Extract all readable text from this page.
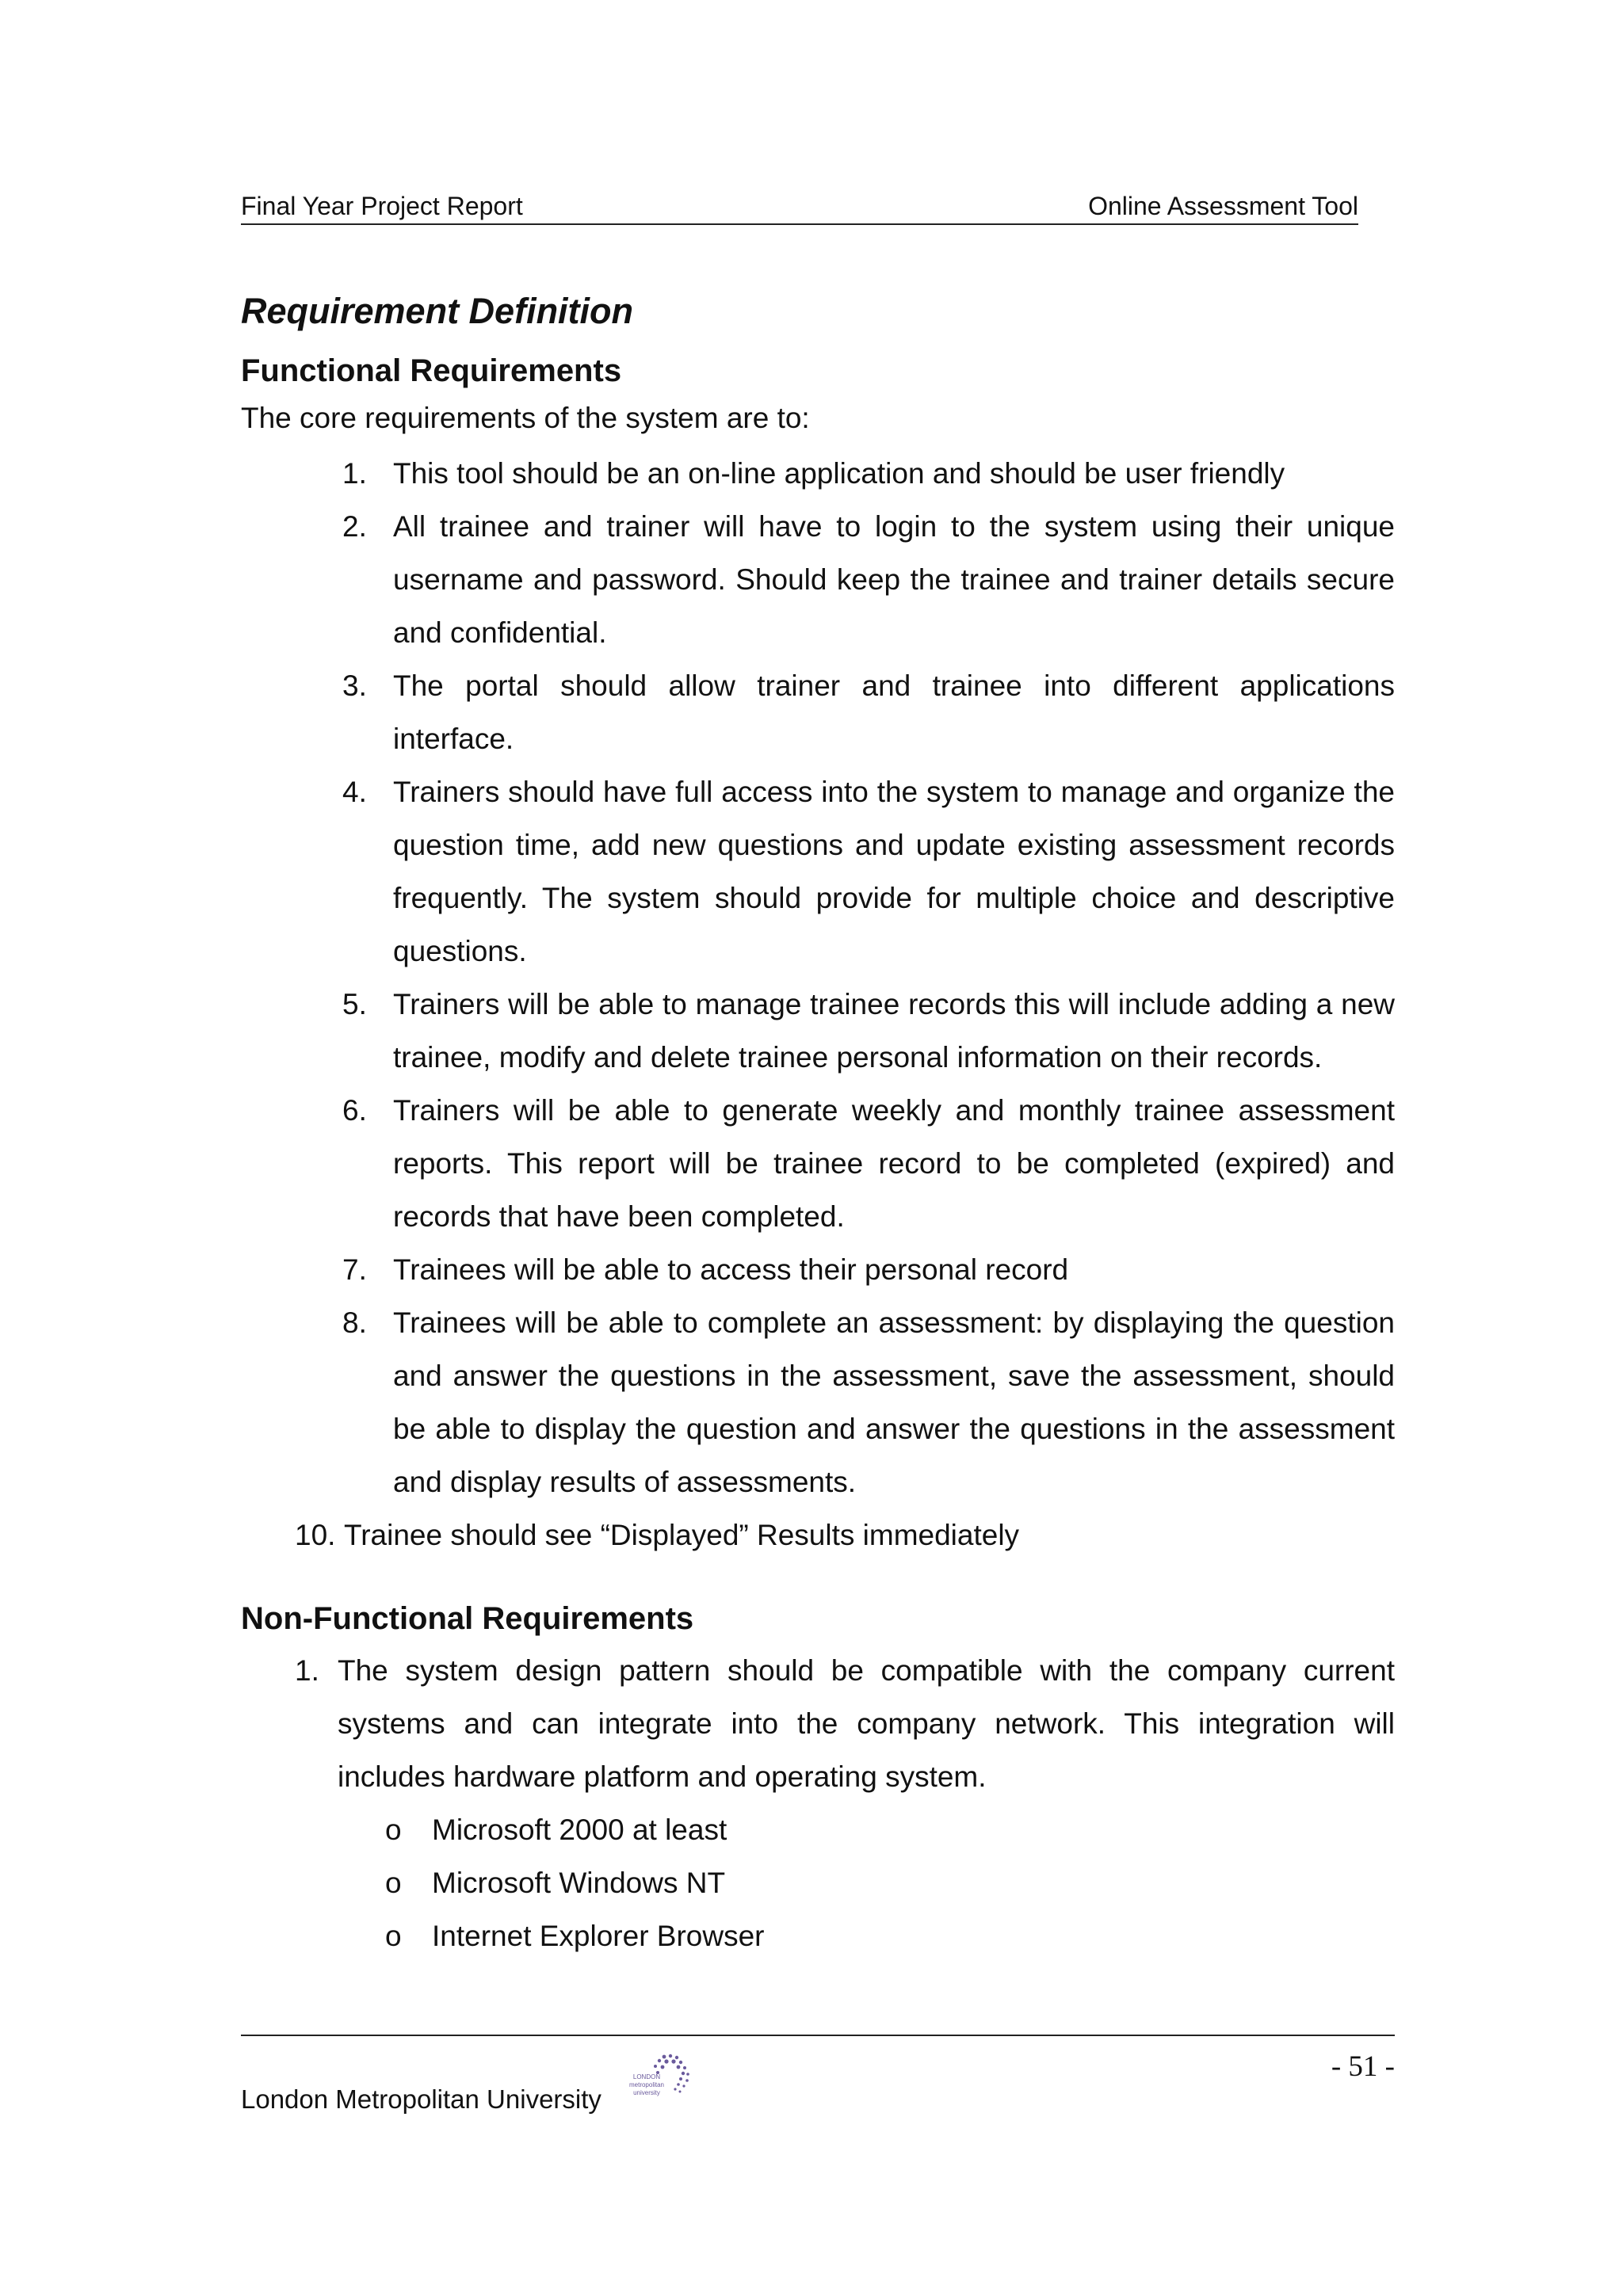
Final Year Project Report	Online Assessment Tool
Requirement Definition
Functional Requirements

The core requirements of the system are to:

1. This tool should be an on-line application and should be user friendly
2. All trainee and trainer will have to login to the system using their unique username and password. Should keep the trainee and trainer details secure and confidential.
3. The portal should allow trainer and trainee into different applications interface.
4. Trainers should have full access into the system to manage and organize the question time, add new questions and update existing assessment records frequently. The system should provide for multiple choice and descriptive questions.
5. Trainers will be able to manage trainee records this will include adding a new trainee, modify and delete trainee personal information on their records.
6. Trainers will be able to generate weekly and monthly trainee assessment reports. This report will be trainee record to be completed (expired) and records that have been completed.
7. Trainees will be able to access their personal record
8. Trainees will be able to complete an assessment: by displaying the question and answer the questions in the assessment, save the assessment, should be able to display the question and answer the questions in the assessment and display results of assessments.
10. Trainee should see “Displayed” Results immediately
Non-Functional Requirements
1. The system design pattern should be compatible with the company current systems and can integrate into the company network. This integration will includes hardware platform and operating system.
o Microsoft 2000 at least
o Microsoft Windows NT
o Internet Explorer Browser
- 51 -
London Metropolitan University
LONDON
metropolitan
university
